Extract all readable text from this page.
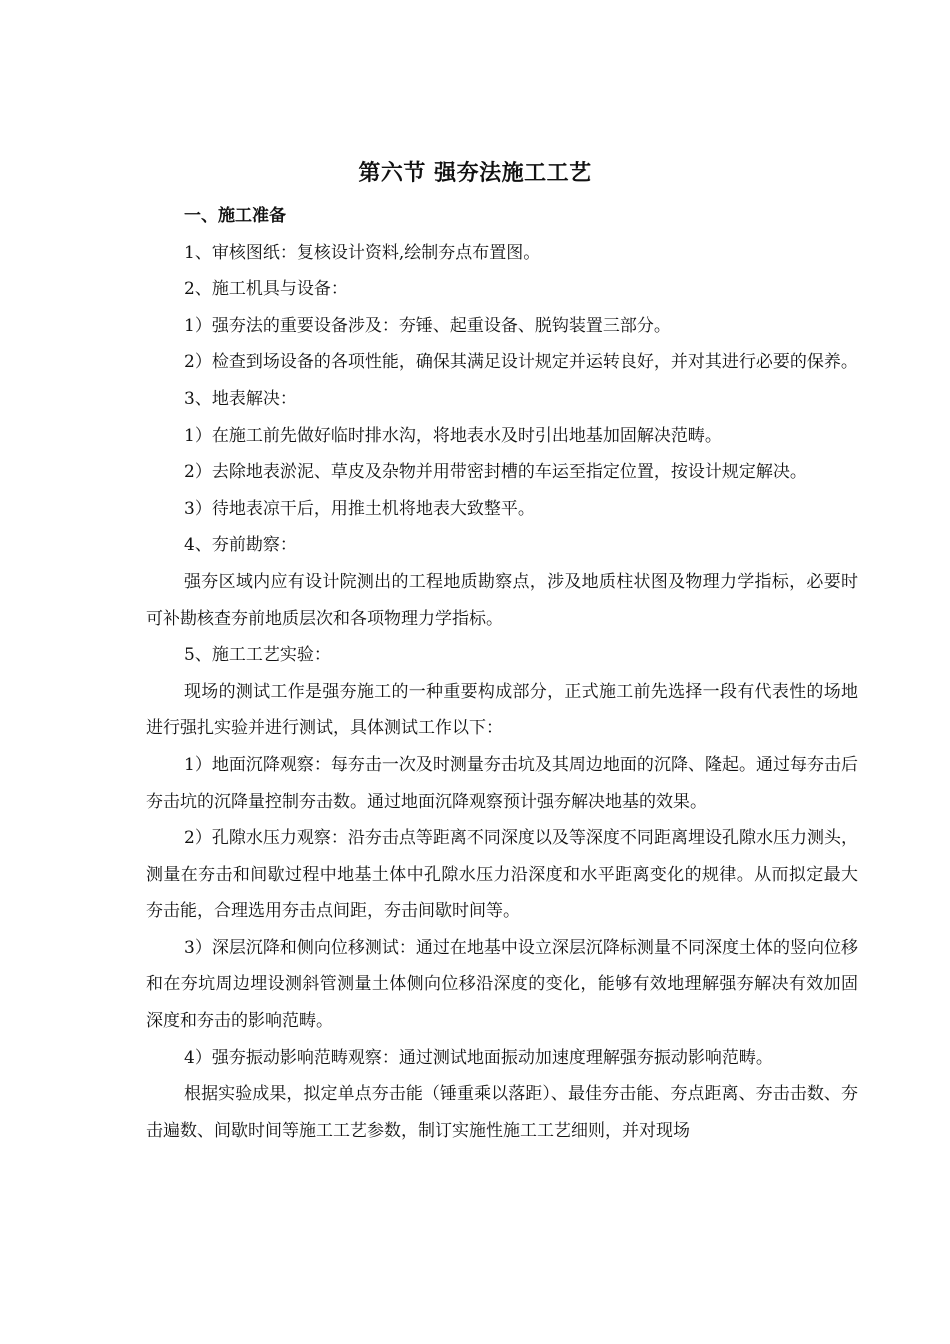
第六节 强夯法施工工艺

一、施工准备

1、审核图纸：复核设计资料,绘制夯点布置图。

2、施工机具与设备：

1）强夯法的重要设备涉及：夯锤、起重设备、脱钩装置三部分。

2）检查到场设备的各项性能，确保其满足设计规定并运转良好，并对其进行必要的保养。

3、地表解决：

1）在施工前先做好临时排水沟，将地表水及时引出地基加固解决范畴。

2）去除地表淤泥、草皮及杂物并用带密封槽的车运至指定位置，按设计规定解决。

3）待地表凉干后，用推土机将地表大致整平。

4、夯前勘察：

强夯区域内应有设计院测出的工程地质勘察点，涉及地质柱状图及物理力学指标，必要时可补勘核查夯前地质层次和各项物理力学指标。

5、施工工艺实验：

现场的测试工作是强夯施工的一种重要构成部分，正式施工前先选择一段有代表性的场地进行强扎实验并进行测试，具体测试工作以下：

1）地面沉降观察：每夯击一次及时测量夯击坑及其周边地面的沉降、隆起。通过每夯击后夯击坑的沉降量控制夯击数。通过地面沉降观察预计强夯解决地基的效果。

2）孔隙水压力观察：沿夯击点等距离不同深度以及等深度不同距离埋设孔隙水压力测头，测量在夯击和间歇过程中地基土体中孔隙水压力沿深度和水平距离变化的规律。从而拟定最大夯击能，合理选用夯击点间距，夯击间歇时间等。

3）深层沉降和侧向位移测试：通过在地基中设立深层沉降标测量不同深度土体的竖向位移和在夯坑周边埋设测斜管测量土体侧向位移沿深度的变化，能够有效地理解强夯解决有效加固深度和夯击的影响范畴。

4）强夯振动影响范畴观察：通过测试地面振动加速度理解强夯振动影响范畴。

根据实验成果，拟定单点夯击能（锤重乘以落距）、最佳夯击能、夯点距离、夯击击数、夯击遍数、间歇时间等施工工艺参数，制订实施性施工工艺细则，并对现场
